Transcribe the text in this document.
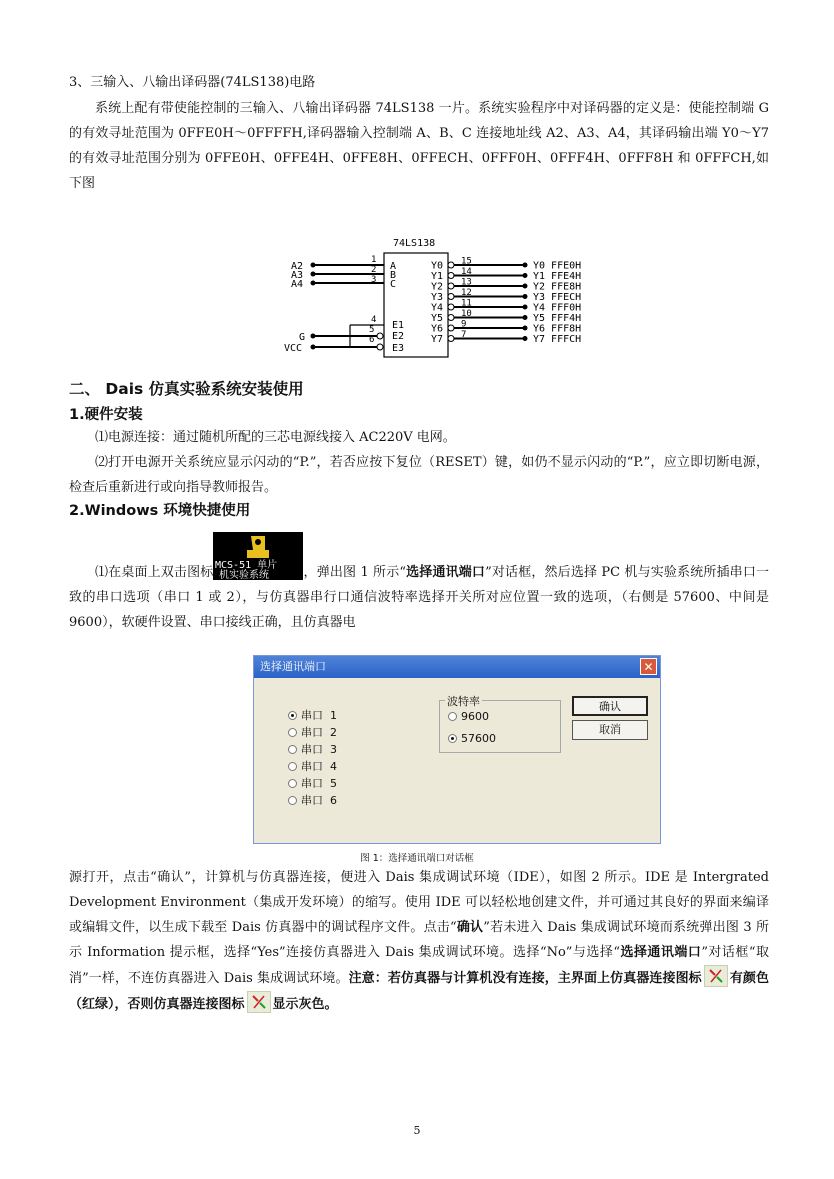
3、三输入、八输出译码器(74LS138)电路
系统上配有带使能控制的三输入、八输出译码器 74LS138 一片。系统实验程序中对译码器的定义是：使能控制端 G 的有效寻址范围为 0FFE0H～0FFFFH,译码器输入控制端 A、B、C 连接地址线 A2、A3、A4，其译码输出端 Y0～Y7 的有效寻址范围分别为 0FFE0H、0FFE4H、0FFE8H、0FFECH、0FFF0H、0FFF4H、0FFF8H 和 0FFFCH,如下图
74LS138
A2
1
A
A3	2 B
A4	3 C
4 E1
5
E2
6
E3
G
VCC
Y0 15	Y0 FFE0H
Y1 14	Y1 FFE4H
Y2 13	Y2 FFE8H
Y3 12	Y3 FFECH
Y4 11	Y4 FFF0H
Y5 10	Y5 FFF4H
Y6 9	Y6 FFF8H
Y7 7	Y7 FFFCH
二、 Dais 仿真实验系统安装使用
1.硬件安装
⑴电源连接：通过随机所配的三芯电源线接入 AC220V 电网。
⑵打开电源开关系统应显示闪动的“P.”，若否应按下复位（RESET）键，如仍不显示闪动的“P.”，应立即切断电源，检查后重新进行或向指导教师报告。
2.Windows 环境快捷使用
⑴在桌面上双击图标 MCS-51 单片
机实验系统	，弹出图 1 所示“选择通讯端口”对话框，然后选择 PC 机与实验系统所插串口一致的串口选项（串口 1 或 2），与仿真器串行口通信波特率选择开关所对应位置一致的选项，（右侧是 57600、中间是 9600），软硬件设置、串口接线正确，且仿真器电
选择通讯端口	✕
串口  1
串口  2
串口  3
串口  4
串口  5
串口  6
波特率
9600
57600
确认
取消
图 1：选择通讯端口对话框
源打开，点击“确认”，计算机与仿真器连接，便进入 Dais 集成调试环境（IDE），如图 2 所示。IDE 是 Intergrated Development Environment（集成开发环境）的缩写。使用 IDE 可以轻松地创建文件，并可通过其良好的界面来编译或编辑文件，以生成下载至 Dais 仿真器中的调试程序文件。点击“确认”若未进入 Dais 集成调试环境而系统弹出图 3 所示 Information 提示框，选择“Yes”连接仿真器进入 Dais 集成调试环境。选择“No”与选择“选择通讯端口”对话框“取消”一样，不连仿真器进入 Dais 集成调试环境。注意：若仿真器与计算机没有连接，主界面上仿真器连接图标 有颜色（红绿），否则仿真器连接图标 显示灰色。
5
